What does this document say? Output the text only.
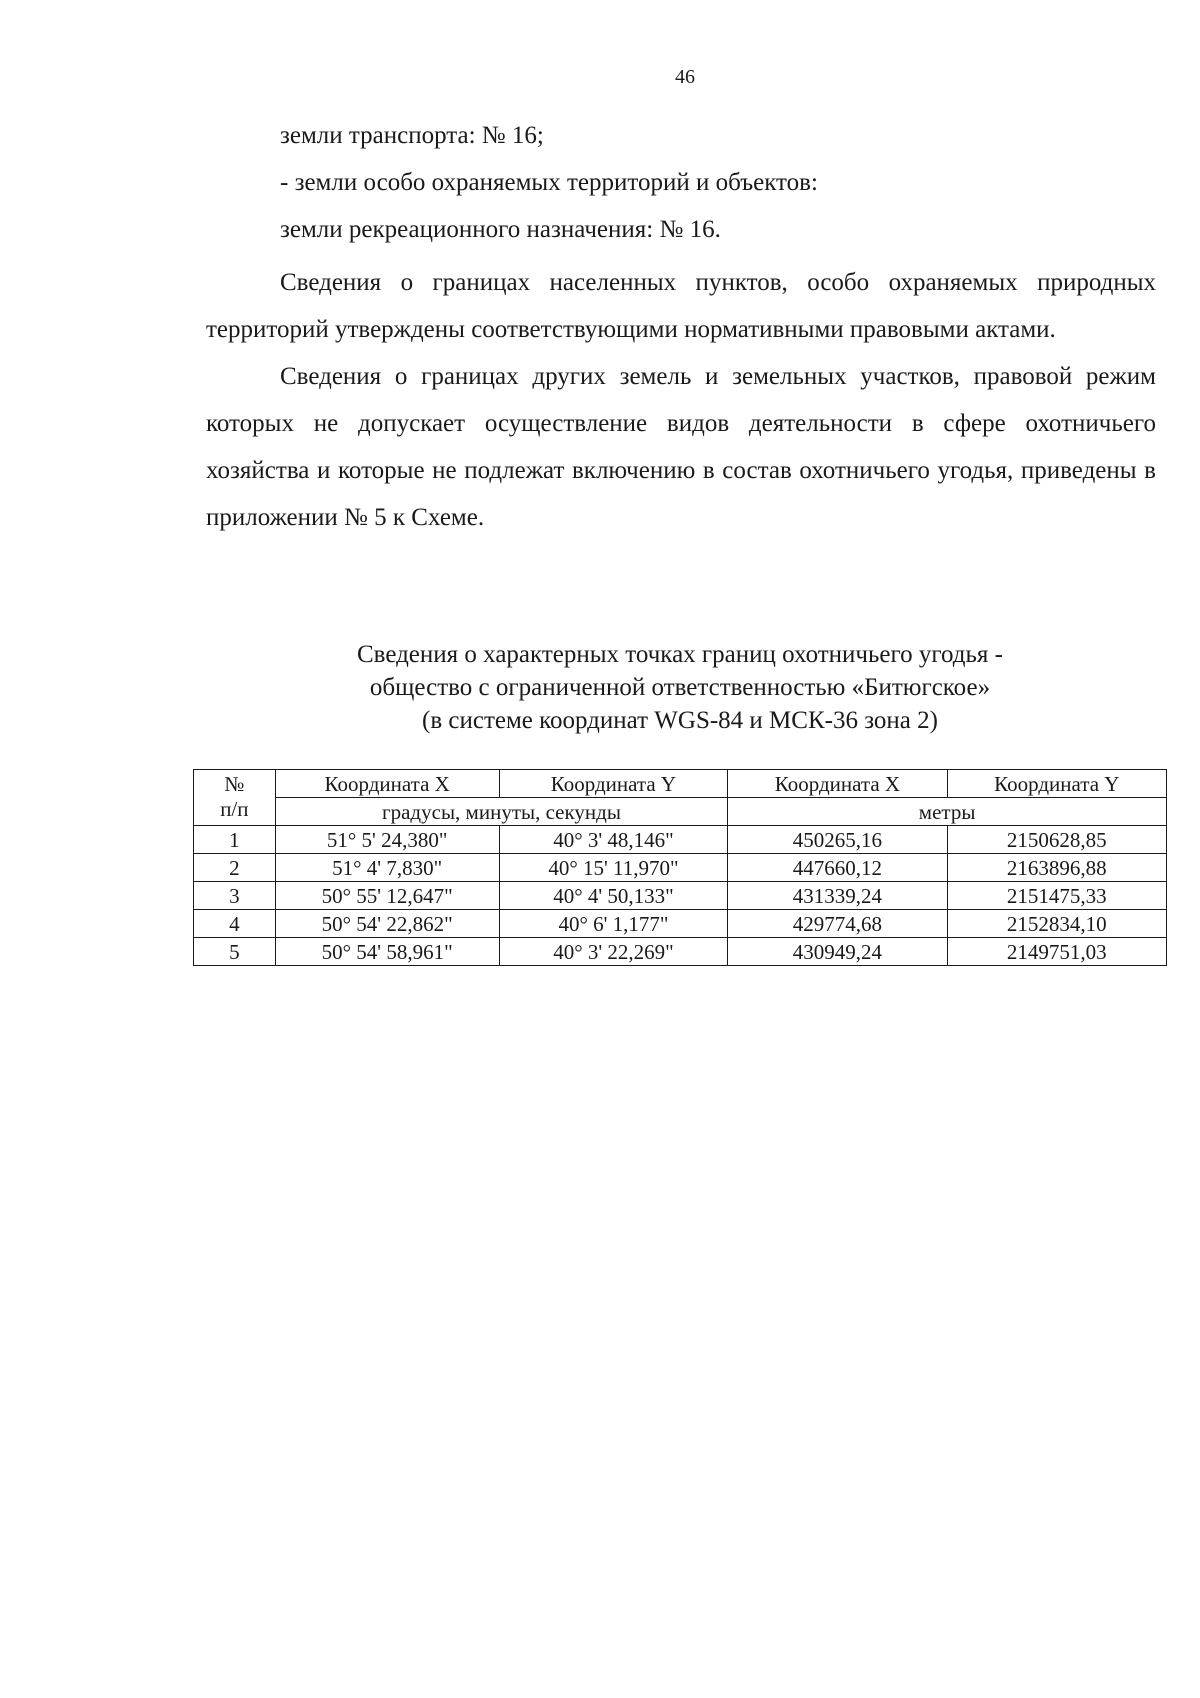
46
земли транспорта: № 16;
- земли особо охраняемых территорий и объектов:
земли рекреационного назначения: № 16.

Сведения о границах населенных пунктов, особо охраняемых природных территорий утверждены соответствующими нормативными правовыми актами.

Сведения о границах других земель и земельных участков, правовой режим которых не допускает осуществление видов деятельности в сфере охотничьего хозяйства и которые не подлежат включению в состав охотничьего угодья, приведены в приложении № 5 к Схеме.

Сведения о характерных точках границ охотничьего угодья -
общество с ограниченной ответственностью «Битюгское»
(в системе координат WGS-84 и МСК-36 зона 2)
№
п/п	Координата X	Координата Y	Координата X	Координата Y
	градусы, минуты, секунды		метры	
1	51° 5' 24,380"	40° 3' 48,146"	450265,16	2150628,85
2	51° 4' 7,830"	40° 15' 11,970"	447660,12	2163896,88
3	50° 55' 12,647"	40° 4' 50,133"	431339,24	2151475,33
4	50° 54' 22,862"	40° 6' 1,177"	429774,68	2152834,10
5	50° 54' 58,961"	40° 3' 22,269"	430949,24	2149751,03
